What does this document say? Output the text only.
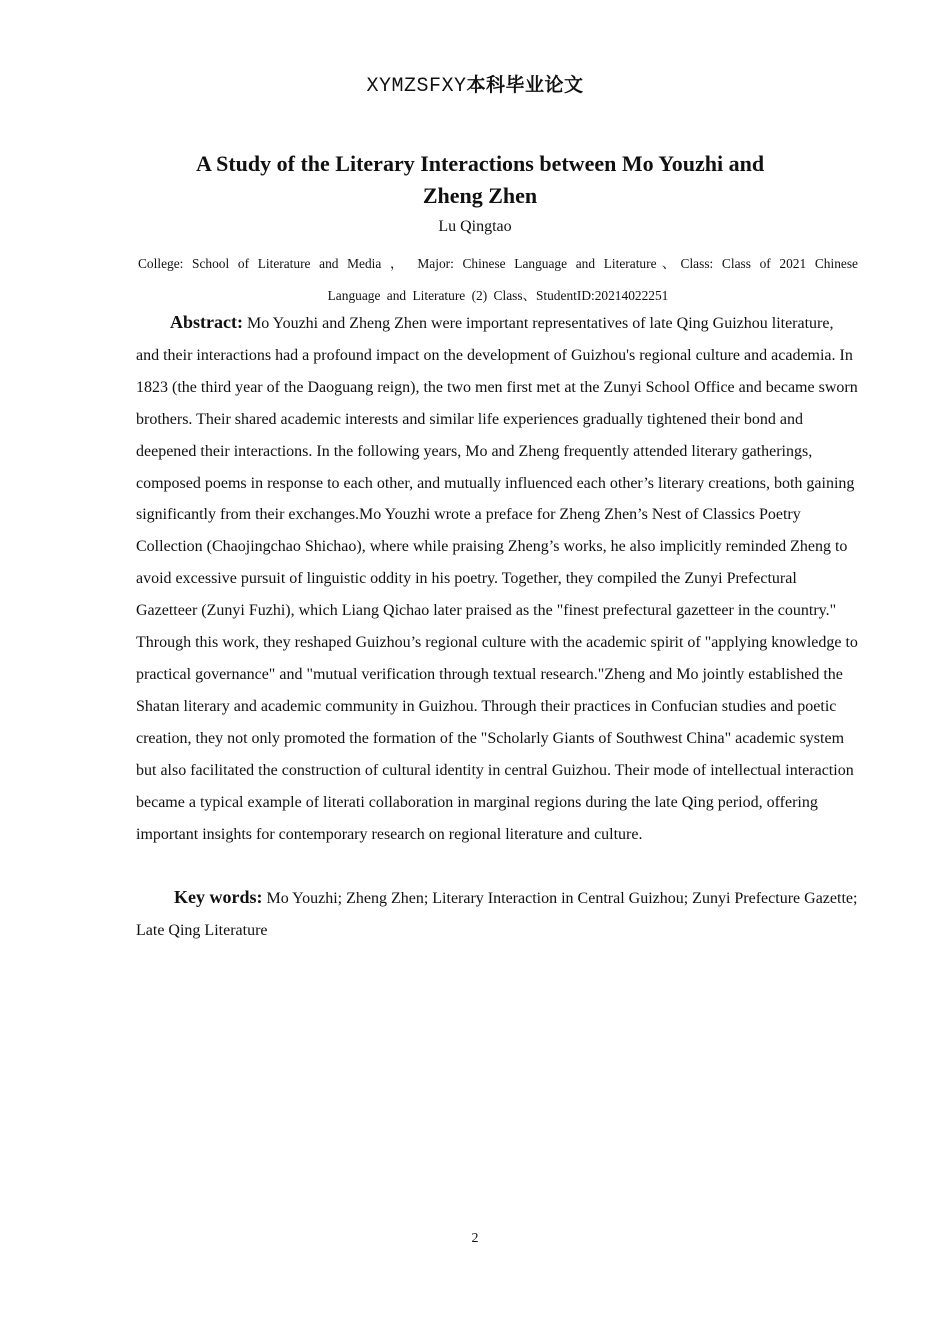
XYMZSFXY本科毕业论文
A Study of the Literary Interactions between Mo Youzhi and
Zheng Zhen
Lu Qingtao
College: School of Literature and Media ， Major: Chinese Language and Literature、Class: Class of 2021 Chinese
Language and Literature (2) Class、StudentID:20214022251

Abstract: Mo Youzhi and Zheng Zhen were important representatives of late Qing Guizhou literature, and their interactions had a profound impact on the development of Guizhou's regional culture and academia. In 1823 (the third year of the Daoguang reign), the two men first met at the Zunyi School Office and became sworn brothers. Their shared academic interests and similar life experiences gradually tightened their bond and deepened their interactions. In the following years, Mo and Zheng frequently attended literary gatherings, composed poems in response to each other, and mutually influenced each other’s literary creations, both gaining significantly from their exchanges.Mo Youzhi wrote a preface for Zheng Zhen’s Nest of Classics Poetry Collection (Chaojingchao Shichao), where while praising Zheng’s works, he also implicitly reminded Zheng to avoid excessive pursuit of linguistic oddity in his poetry. Together, they compiled the Zunyi Prefectural Gazetteer (Zunyi Fuzhi), which Liang Qichao later praised as the "finest prefectural gazetteer in the country." Through this work, they reshaped Guizhou’s regional culture with the academic spirit of "applying knowledge to practical governance" and "mutual verification through textual research."Zheng and Mo jointly established the Shatan literary and academic community in Guizhou. Through their practices in Confucian studies and poetic creation, they not only promoted the formation of the "Scholarly Giants of Southwest China" academic system but also facilitated the construction of cultural identity in central Guizhou. Their mode of intellectual interaction became a typical example of literati collaboration in marginal regions during the late Qing period, offering important insights for contemporary research on regional literature and culture.

Key words: Mo Youzhi; Zheng Zhen; Literary Interaction in Central Guizhou; Zunyi Prefecture Gazette; Late Qing Literature

2
